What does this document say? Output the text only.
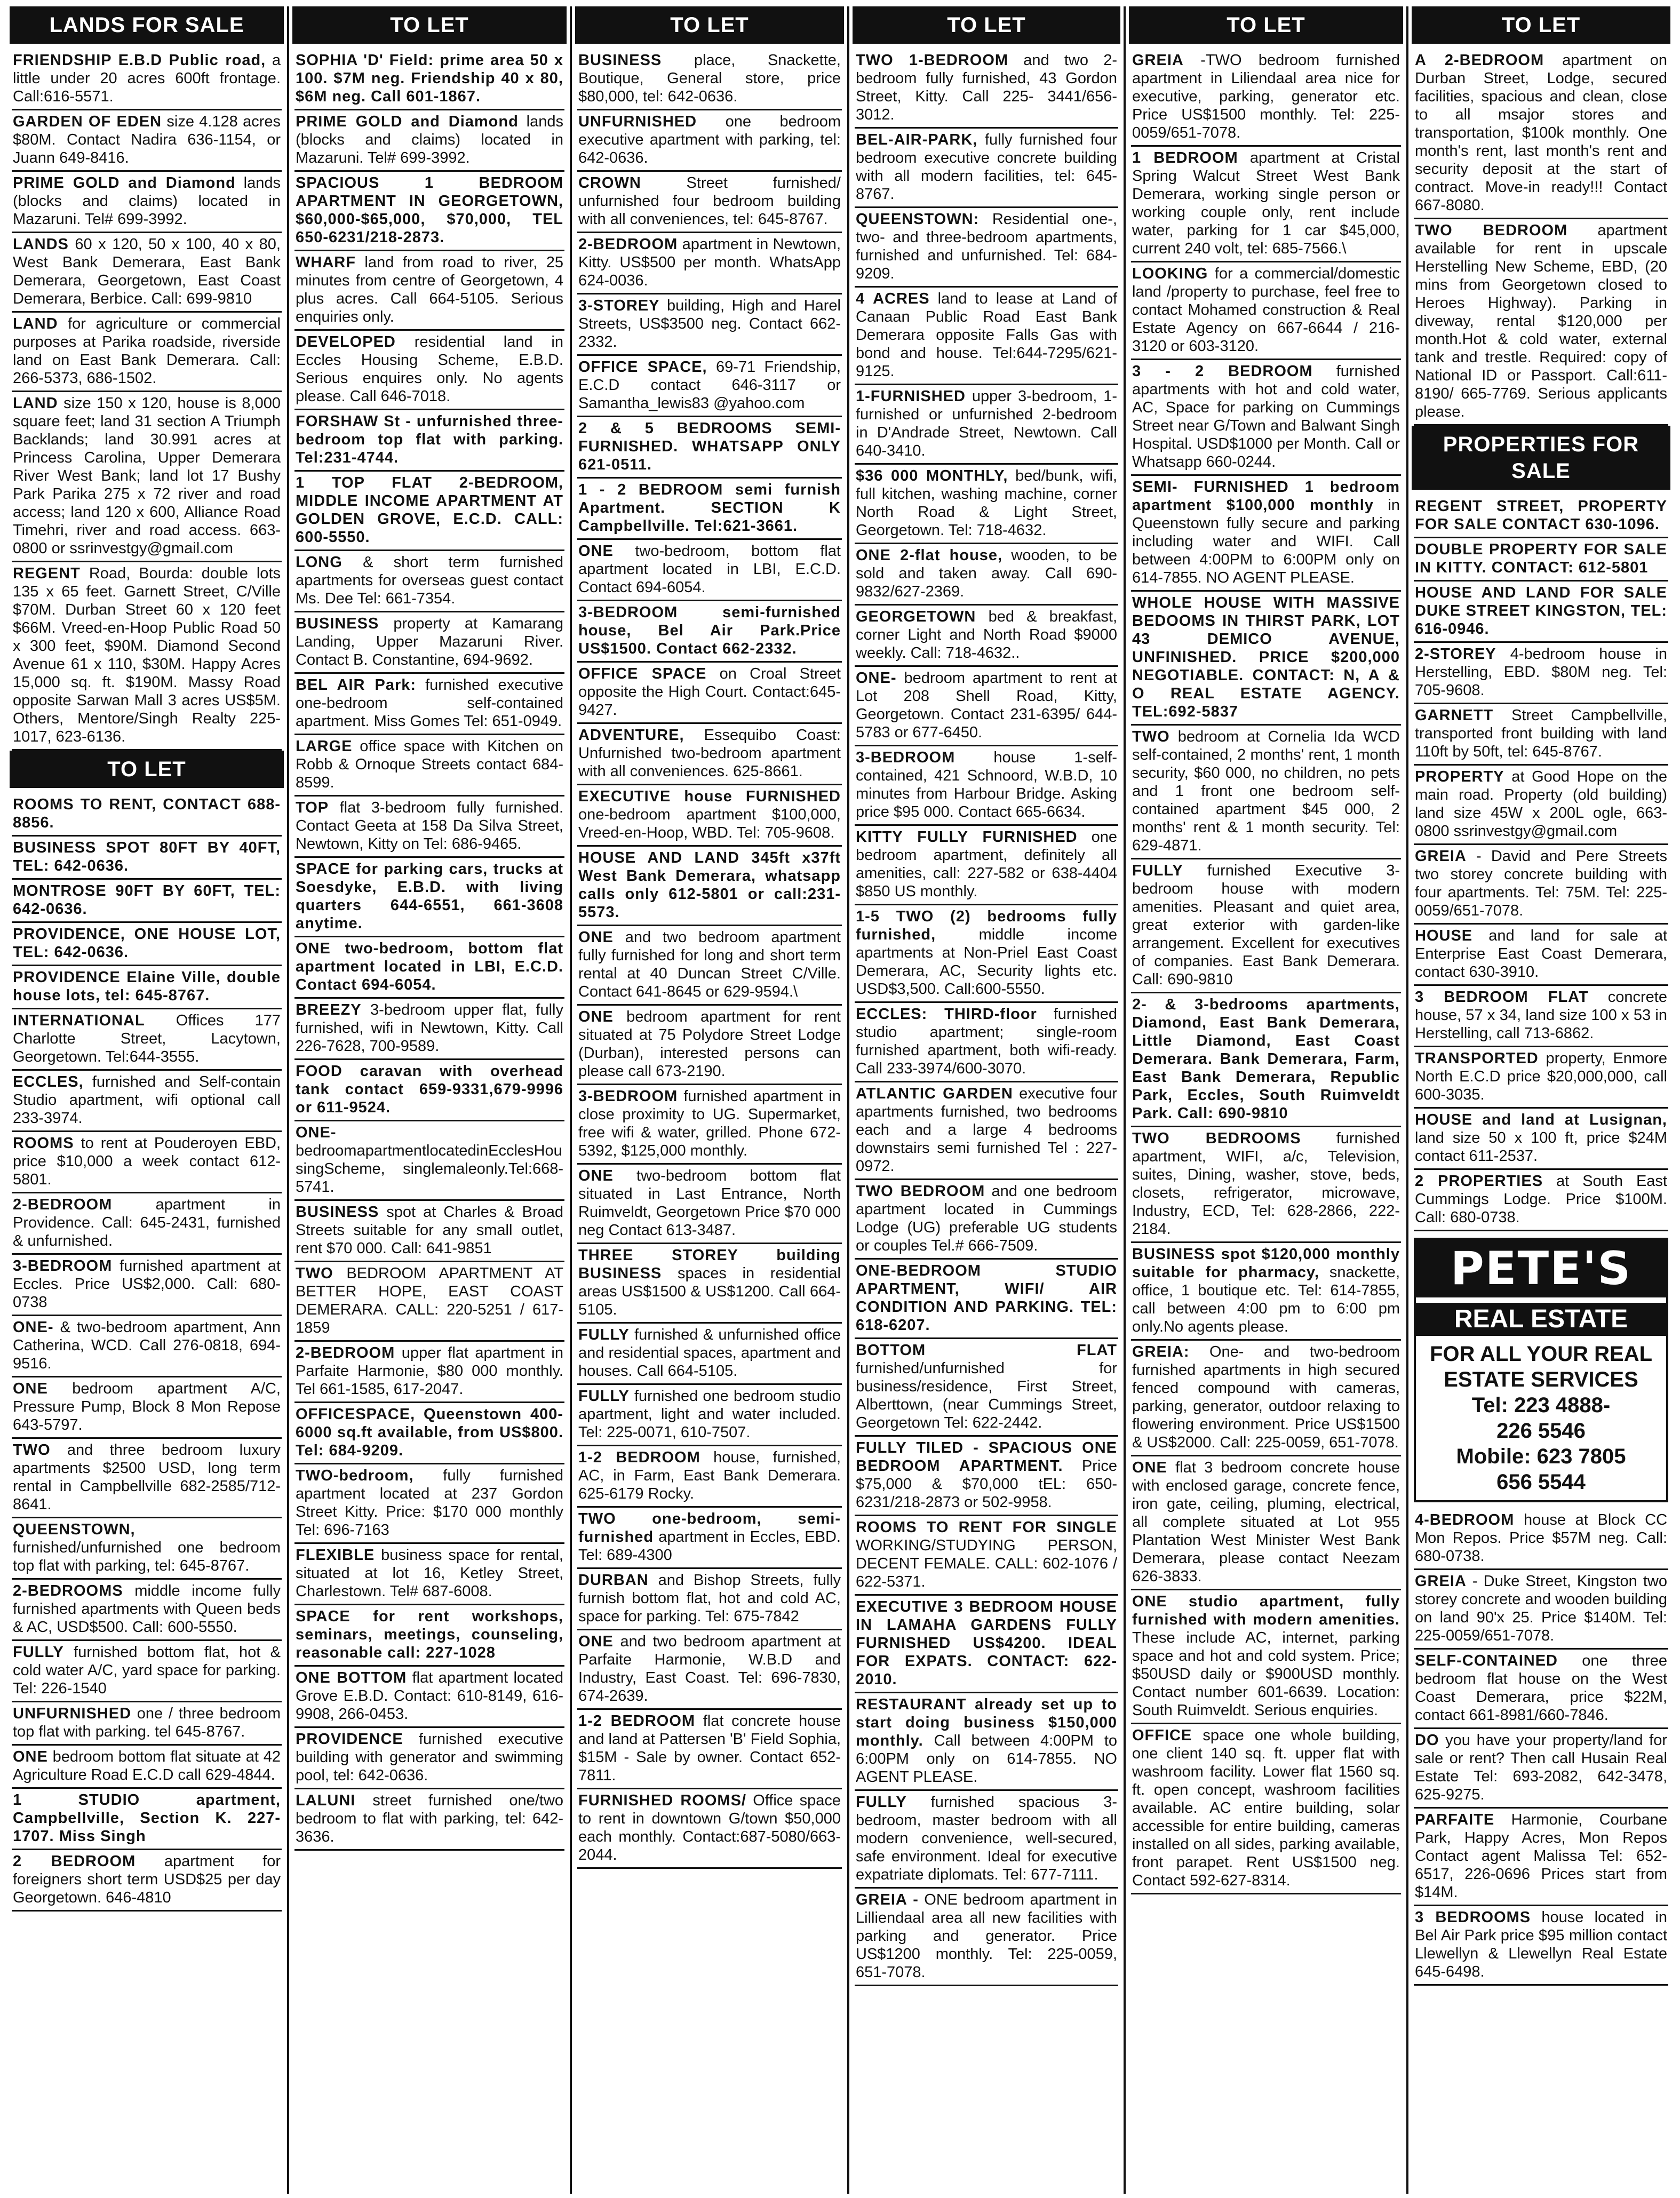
LANDS FOR SALE
FRIENDSHIP E.B.D Public road, a little under 20 acres 600ft frontage. Call:616-5571.
GARDEN OF EDEN size 4.128 acres $80M. Contact Nadira 636-1154, or Juann 649-8416.
PRIME GOLD and Diamond lands (blocks and claims) located in Mazaruni. Tel# 699-3992.
LANDS 60 x 120, 50 x 100, 40 x 80, West Bank Demerara, East Bank Demerara, Georgetown, East Coast Demerara, Berbice. Call: 699-9810
LAND for agriculture or commercial purposes at Parika roadside, riverside land on East Bank Demerara. Call: 266-5373, 686-1502.
LAND size 150 x 120, house is 8,000 square feet; land 31 section A Triumph Backlands; land 30.991 acres at Princess Carolina, Upper Demerara River West Bank; land lot 17 Bushy Park Parika 275 x 72 river and road access; land 120 x 600, Alliance Road Timehri, river and road access. 663-0800 or ssrinvestgy@gmail.com
REGENT Road, Bourda: double lots 135 x 65 feet. Garnett Street, C/Ville $70M. Durban Street 60 x 120 feet $66M. Vreed-en-Hoop Public Road 50 x 300 feet, $90M. Diamond Second Avenue 61 x 110, $30M. Happy Acres 15,000 sq. ft. $190M. Massy Road opposite Sarwan Mall 3 acres US$5M. Others, Mentore/Singh Realty 225-1017, 623-6136.
TO LET
ROOMS TO RENT, CONTACT 688-8856.
BUSINESS SPOT 80FT BY 40FT, TEL: 642-0636.
MONTROSE 90FT BY 60FT, TEL: 642-0636.
PROVIDENCE, ONE HOUSE LOT, TEL: 642-0636.
PROVIDENCE Elaine Ville, double house lots, tel: 645-8767.
INTERNATIONAL Offices 177 Charlotte Street, Lacytown, Georgetown. Tel:644-3555.
ECCLES, furnished and Self-contain Studio apartment, wifi optional call 233-3974.
ROOMS to rent at Pouderoyen EBD, price $10,000 a week contact 612-5801.
2-BEDROOM	apartment in Providence. Call: 645-2431, furnished & unfurnished.
3-BEDROOM furnished apartment at Eccles. Price US$2,000. Call: 680-0738
ONE- & two-bedroom apartment, Ann Catherina, WCD. Call 276-0818, 694-9516.
ONE bedroom apartment A/C, Pressure Pump, Block 8 Mon Repose 643-5797.
TWO and three bedroom luxury apartments $2500 USD, long term rental in Campbellville 682-2585/712-8641.
QUEENSTOWN, furnished/unfurnished one bedroom top flat with parking, tel: 645-8767.
2-BEDROOMS middle income fully furnished apartments with Queen beds & AC, USD$500. Call: 600-5550.
FULLY furnished bottom flat, hot & cold water A/C, yard space for parking. Tel: 226-1540
UNFURNISHED one / three bedroom top flat with parking. tel 645-8767.
ONE bedroom bottom flat situate at 42 Agriculture Road E.C.D call 629-4844.
1 STUDIO apartment, Campbellville, Section K. 227-1707. Miss Singh
2 BEDROOM apartment for foreigners short term USD$25 per day Georgetown. 646-4810
TO LET
SOPHIA 'D' Field: prime area 50 x 100. $7M neg. Friendship 40 x 80, $6M neg. Call 601-1867.
PRIME GOLD and Diamond lands (blocks and claims) located in Mazaruni. Tel# 699-3992.
SPACIOUS 1 BEDROOM APARTMENT IN GEORGETOWN, $60,000-$65,000, $70,000, TEL 650-6231/218-2873.
WHARF land from road to river, 25 minutes from centre of Georgetown, 4 plus acres. Call 664-5105. Serious enquiries only.
DEVELOPED residential land in Eccles Housing Scheme, E.B.D. Serious enquires only. No agents please. Call 646-7018.
FORSHAW St - unfurnished three-bedroom top flat with parking. Tel:231-4744.
1 TOP FLAT 2-BEDROOM, MIDDLE INCOME APARTMENT AT GOLDEN GROVE, E.C.D. CALL: 600-5550.
LONG & short term furnished apartments for overseas guest contact Ms. Dee Tel: 661-7354.
BUSINESS property at Kamarang Landing, Upper Mazaruni River. Contact B. Constantine, 694-9692.
BEL AIR Park: furnished executive one-bedroom self-contained apartment. Miss Gomes Tel: 651-0949.
LARGE office space with Kitchen on Robb & Ornoque Streets contact 684-8599.
TOP flat 3-bedroom fully furnished. Contact Geeta at 158 Da Silva Street, Newtown, Kitty on Tel: 686-9465.
SPACE for parking cars, trucks at Soesdyke, E.B.D. with living quarters 644-6551, 661-3608 anytime.
ONE two-bedroom, bottom flat apartment located in LBI, E.C.D. Contact 694-6054.
BREEZY 3-bedroom upper flat, fully furnished, wifi in Newtown, Kitty. Call 226-7628, 700-9589.
FOOD caravan with overhead tank contact 659-9331,679-9996 or 611-9524.
ONE- bedroomapartmentlocatedinEcclesHousingScheme, singlemaleonly.Tel:668-5741.
BUSINESS spot at Charles & Broad Streets suitable for any small outlet, rent $70 000. Call: 641-9851
TWO BEDROOM APARTMENT AT BETTER HOPE, EAST COAST DEMERARA. CALL: 220-5251 / 617-1859
2-BEDROOM upper flat apartment in Parfaite Harmonie, $80 000 monthly. Tel 661-1585, 617-2047.
OFFICESPACE, Queenstown 400-6000 sq.ft available, from US$800. Tel: 684-9209.
TWO-bedroom, fully furnished apartment located at 237 Gordon Street Kitty. Price: $170 000 monthly Tel: 696-7163
FLEXIBLE business space for rental, situated at lot 16, Ketley Street, Charlestown. Tel# 687-6008.
SPACE for rent workshops, seminars, meetings, counseling, reasonable call: 227-1028
ONE BOTTOM flat apartment located Grove E.B.D. Contact: 610-8149, 616-9908, 266-0453.
PROVIDENCE furnished executive building with generator and swimming pool, tel: 642-0636.
LALUNI street furnished one/two bedroom to flat with parking, tel: 642-3636.
TO LET
BUSINESS place, Snackette, Boutique, General store, price $80,000, tel: 642-0636.
UNFURNISHED one bedroom executive apartment with parking, tel: 642-0636.
CROWN	Street furnished/ unfurnished four bedroom building with all conveniences, tel: 645-8767.
2-BEDROOM apartment in Newtown, Kitty. US$500 per month. WhatsApp 624-0036.
3-STOREY building, High and Harel Streets, US$3500 neg. Contact 662-2332.
OFFICE SPACE, 69-71 Friendship, E.C.D contact 646-3117 or Samantha_lewis83 @yahoo.com
2 & 5 BEDROOMS SEMI-FURNISHED. WHATSAPP ONLY 621-0511.
1 - 2 BEDROOM semi furnish Apartment. SECTION K Campbellville. Tel:621-3661.
ONE two-bedroom, bottom flat apartment located in LBI, E.C.D. Contact 694-6054.
3-BEDROOM semi-furnished house, Bel Air Park.Price US$1500. Contact 662-2332.
OFFICE SPACE on Croal Street opposite the High Court. Contact:645-9427.
ADVENTURE, Essequibo Coast: Unfurnished two-bedroom apartment with all conveniences. 625-8661.
EXECUTIVE house FURNISHED one-bedroom apartment $100,000, Vreed-en-Hoop, WBD. Tel: 705-9608.
HOUSE AND LAND 345ft x37ft West Bank Demerara, whatsapp calls only 612-5801 or call:231-5573.
ONE and two bedroom apartment fully furnished for long and short term rental at 40 Duncan Street C/Ville. Contact 641-8645 or 629-9594.\
ONE bedroom apartment for rent situated at 75 Polydore Street Lodge (Durban), interested persons can please call 673-2190.
3-BEDROOM furnished apartment in close proximity to UG. Supermarket, free wifi & water, grilled. Phone 672-5392, $125,000 monthly.
ONE two-bedroom bottom flat situated in Last Entrance, North Ruimveldt, Georgetown Price $70 000 neg Contact 613-3487.
THREE STOREY building BUSINESS spaces in residential areas US$1500 & US$1200. Call 664-5105.
FULLY furnished & unfurnished office and residential spaces, apartment and houses. Call 664-5105.
FULLY furnished one bedroom studio apartment, light and water included. Tel: 225-0071, 610-7507.
1-2 BEDROOM house, furnished, AC, in Farm, East Bank Demerara. 625-6179 Rocky.
TWO one-bedroom, semi-furnished apartment in Eccles, EBD. Tel: 689-4300
DURBAN and Bishop Streets, fully furnish bottom flat, hot and cold AC, space for parking. Tel: 675-7842
ONE and two bedroom apartment at Parfaite Harmonie, W.B.D and Industry, East Coast. Tel: 696-7830, 674-2639.
1-2 BEDROOM flat concrete house and land at Pattersen 'B' Field Sophia, $15M - Sale by owner. Contact 652-7811.
FURNISHED ROOMS/ Office space to rent in downtown G/town $50,000 each monthly. Contact:687-5080/663-2044.
TO LET
TWO 1-BEDROOM and two 2-bedroom fully furnished, 43 Gordon Street, Kitty. Call 225- 3441/656-3012.
BEL-AIR-PARK, fully furnished four bedroom executive concrete building with all modern facilities, tel: 645-8767.
QUEENSTOWN: Residential one-, two- and three-bedroom apartments, furnished and unfurnished. Tel: 684-9209.
4 ACRES land to lease at Land of Canaan Public Road East Bank Demerara opposite Falls Gas with bond and house. Tel:644-7295/621-9125.
1-FURNISHED upper 3-bedroom, 1-furnished or unfurnished 2-bedroom in D'Andrade Street, Newtown. Call 640-3410.
$36 000 MONTHLY, bed/bunk, wifi, full kitchen, washing machine, corner North Road & Light Street, Georgetown. Tel: 718-4632.
ONE 2-flat house, wooden, to be sold and taken away. Call 690-9832/627-2369.
GEORGETOWN bed & breakfast, corner Light and North Road $9000 weekly. Call: 718-4632..
ONE- bedroom apartment to rent at Lot 208 Shell Road, Kitty, Georgetown. Contact 231-6395/ 644-5783 or 677-6450.
3-BEDROOM house 1-self-contained, 421 Schnoord, W.B.D, 10 minutes from Harbour Bridge. Asking price $95 000. Contact 665-6634.
KITTY FULLY FURNISHED one bedroom apartment, definitely all amenities, call: 227-582 or 638-4404 $850 US monthly.
1-5 TWO (2) bedrooms fully furnished,	middle income apartments at Non-Priel East Coast Demerara, AC, Security lights etc. USD$3,500. Call:600-5550.
ECCLES: THIRD-floor furnished studio apartment; single-room furnished apartment, both wifi-ready. Call 233-3974/600-3070.
ATLANTIC GARDEN executive four apartments furnished, two bedrooms each and a large 4 bedrooms downstairs semi furnished Tel : 227-0972.
TWO BEDROOM and one bedroom apartment located in Cummings Lodge (UG) preferable UG students or couples Tel.# 666-7509.
ONE-BEDROOM STUDIO APARTMENT, WIFI/ AIR CONDITION AND PARKING. TEL: 618-6207.
BOTTOM FLAT furnished/unfurnished for business/residence, First Street, Alberttown, (near Cummings Street, Georgetown Tel: 622-2442.
FULLY TILED - SPACIOUS ONE BEDROOM APARTMENT. Price $75,000 & $70,000 tEL: 650-6231/218-2873 or 502-9958.
ROOMS TO RENT FOR SINGLE WORKING/STUDYING PERSON, DECENT FEMALE. CALL: 602-1076 / 622-5371.
EXECUTIVE 3 BEDROOM HOUSE IN LAMAHA GARDENS FULLY FURNISHED US$4200. IDEAL FOR EXPATS. CONTACT: 622-2010.
RESTAURANT already set up to start doing business $150,000 monthly. Call between 4:00PM to 6:00PM only on 614-7855. NO AGENT PLEASE.
FULLY furnished spacious 3-bedroom, master bedroom with all modern convenience, well-secured, safe environment. Ideal for executive expatriate diplomats. Tel: 677-7111.
GREIA - ONE bedroom apartment in Lilliendaal area all new facilities with parking and generator. Price US$1200 monthly. Tel: 225-0059, 651-7078.
TO LET
GREIA -TWO bedroom furnished apartment in Liliendaal area nice for executive, parking, generator etc. Price US$1500 monthly. Tel: 225-0059/651-7078.
1 BEDROOM apartment at Cristal Spring Walcut Street West Bank Demerara, working single person or working couple only, rent include water, parking for 1 car $45,000, current 240 volt, tel: 685-7566.\
LOOKING for a commercial/domestic land /property to purchase, feel free to contact Mohamed construction & Real Estate Agency on 667-6644 / 216-3120 or 603-3120.
3 - 2 BEDROOM furnished apartments with hot and cold water, AC, Space for parking on Cummings Street near G/Town and Balwant Singh Hospital. USD$1000 per Month. Call or Whatsapp 660-0244.
SEMI- FURNISHED 1 bedroom apartment $100,000 monthly in Queenstown fully secure and parking including water and WIFI. Call between 4:00PM to 6:00PM only on 614-7855. NO AGENT PLEASE.
WHOLE HOUSE WITH MASSIVE BEDOOMS IN THIRST PARK, LOT 43 DEMICO AVENUE, UNFINISHED. PRICE $200,000 NEGOTIABLE. CONTACT: N, A & O REAL ESTATE AGENCY. TEL:692-5837
TWO bedroom at Cornelia Ida WCD self-contained, 2 months' rent, 1 month security, $60 000, no children, no pets and 1 front one bedroom self-contained apartment $45 000, 2 months' rent & 1 month security. Tel: 629-4871.
FULLY furnished Executive 3- bedroom house with modern amenities. Pleasant and quiet area, great exterior with garden-like arrangement. Excellent for executives of companies. East Bank Demerara. Call: 690-9810
2- & 3-bedrooms apartments, Diamond, East Bank Demerara, Little Diamond, East Coast Demerara. Bank Demerara, Farm, East Bank Demerara, Republic Park, Eccles, South Ruimveldt Park. Call: 690-9810
TWO BEDROOMS furnished apartment, WIFI, a/c, Television, suites, Dining, washer, stove, beds, closets, refrigerator, microwave, Industry, ECD, Tel: 628-2866, 222-2184.
BUSINESS spot $120,000 monthly suitable for pharmacy, snackette, office, 1 boutique etc. Tel: 614-7855, call between 4:00 pm to 6:00 pm only.No agents please.
GREIA: One- and two-bedroom furnished apartments in high secured fenced compound with cameras, parking, generator, outdoor relaxing to flowering environment. Price US$1500 & US$2000. Call: 225-0059, 651-7078.
ONE flat 3 bedroom concrete house with enclosed garage, concrete fence, iron gate, ceiling, pluming, electrical, all complete situated at Lot 955 Plantation West Minister West Bank Demerara, please contact Neezam 626-3833.
ONE studio apartment, fully furnished with modern amenities. These include AC, internet, parking space and hot and cold system. Price; $50USD daily or $900USD monthly. Contact number 601-6639. Location: South Ruimveldt. Serious enquiries.
OFFICE space one whole building, one client 140 sq. ft. upper flat with washroom facility. Lower flat 1560 sq. ft. open concept, washroom facilities available. AC entire building, solar accessible for entire building, cameras installed on all sides, parking available, front parapet. Rent US$1500 neg. Contact 592-627-8314.
TO LET
A 2-BEDROOM apartment on Durban Street, Lodge, secured facilities, spacious and clean, close to all msajor stores and transportation, $100k monthly. One month's rent, last month's rent and security deposit at the start of contract. Move-in ready!!! Contact 667-8080.
TWO BEDROOM apartment available for rent in upscale Herstelling New Scheme, EBD, (20 mins from Georgetown closed to Heroes Highway). Parking in diveway, rental $120,000 per month.Hot & cold water, external tank and trestle. Required: copy of National ID or Passport. Call:611-8190/ 665-7769. Serious applicants please.
PROPERTIES FOR SALE
REGENT STREET, PROPERTY FOR SALE CONTACT 630-1096.
DOUBLE PROPERTY FOR SALE IN KITTY. CONTACT: 612-5801
HOUSE AND LAND FOR SALE DUKE STREET KINGSTON, TEL: 616-0946.
2-STOREY 4-bedroom house in Herstelling, EBD. $80M neg. Tel: 705-9608.
GARNETT Street Campbellville, transported front building with land 110ft by 50ft, tel: 645-8767.
PROPERTY at Good Hope on the main road. Property (old building) land size 45W x 200L ogle, 663-0800 ssrinvestgy@gmail.com
GREIA - David and Pere Streets two storey concrete building with four apartments. Tel: 75M. Tel: 225-0059/651-7078.
HOUSE and land for sale at Enterprise East Coast Demerara, contact 630-3910.
3 BEDROOM FLAT concrete house, 57 x 34, land size 100 x 53 in Herstelling, call 713-6862.
TRANSPORTED property, Enmore North E.C.D price $20,000,000, call 600-3035.
HOUSE and land at Lusignan, land size 50 x 100 ft, price $24M contact 611-2537.
2 PROPERTIES at South East Cummings Lodge. Price $100M. Call: 680-0738.
PETE'S
REAL ESTATE
FOR ALL YOUR REAL
ESTATE SERVICES
Tel: 223 4888-
226 5546
Mobile: 623 7805
656 5544
4-BEDROOM house at Block CC Mon Repos. Price $57M neg. Call: 680-0738.
GREIA - Duke Street, Kingston two storey concrete and wooden building on land 90'x 25. Price $140M. Tel: 225-0059/651-7078.
SELF-CONTAINED one three bedroom flat house on the West Coast Demerara, price $22M, contact 661-8981/660-7846.
DO you have your property/land for sale or rent? Then call Husain Real Estate Tel: 693-2082, 642-3478, 625-9275.
PARFAITE Harmonie, Courbane Park, Happy Acres, Mon Repos Contact agent Malissa Tel: 652-6517, 226-0696 Prices start from $14M.
3 BEDROOMS house located in Bel Air Park price $95 million contact Llewellyn & Llewellyn Real Estate 645-6498.
